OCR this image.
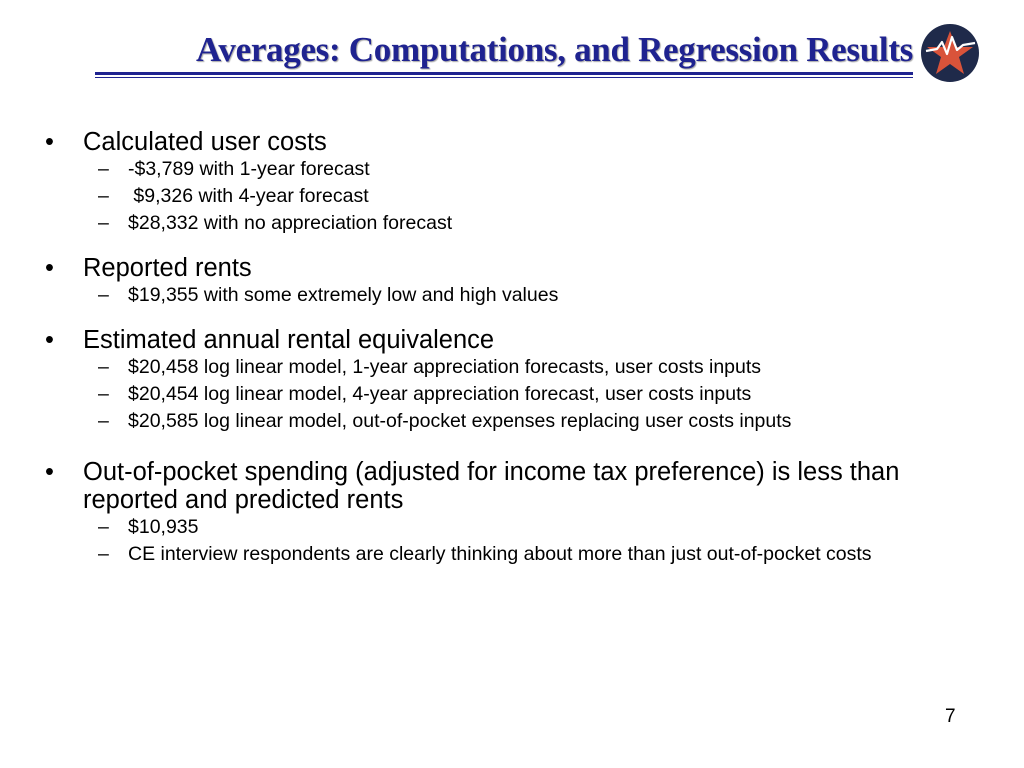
Averages: Computations, and Regression Results

• Calculated user costs

– -$3,789 with 1-year forecast
– $9,326 with 4-year forecast
– $28,332 with no appreciation forecast

• Reported rents

– $19,355 with some extremely low and high values

• Estimated annual rental equivalence

– $20,458 log linear model, 1-year appreciation forecasts, user costs inputs
– $20,454 log linear model, 4-year appreciation forecast, user costs inputs
– $20,585 log linear model, out-of-pocket expenses replacing user costs inputs

• Out-of-pocket spending (adjusted for income tax preference) is less than reported and predicted rents

– $10,935
– CE interview respondents are clearly thinking about more than just out-of-pocket costs
7
